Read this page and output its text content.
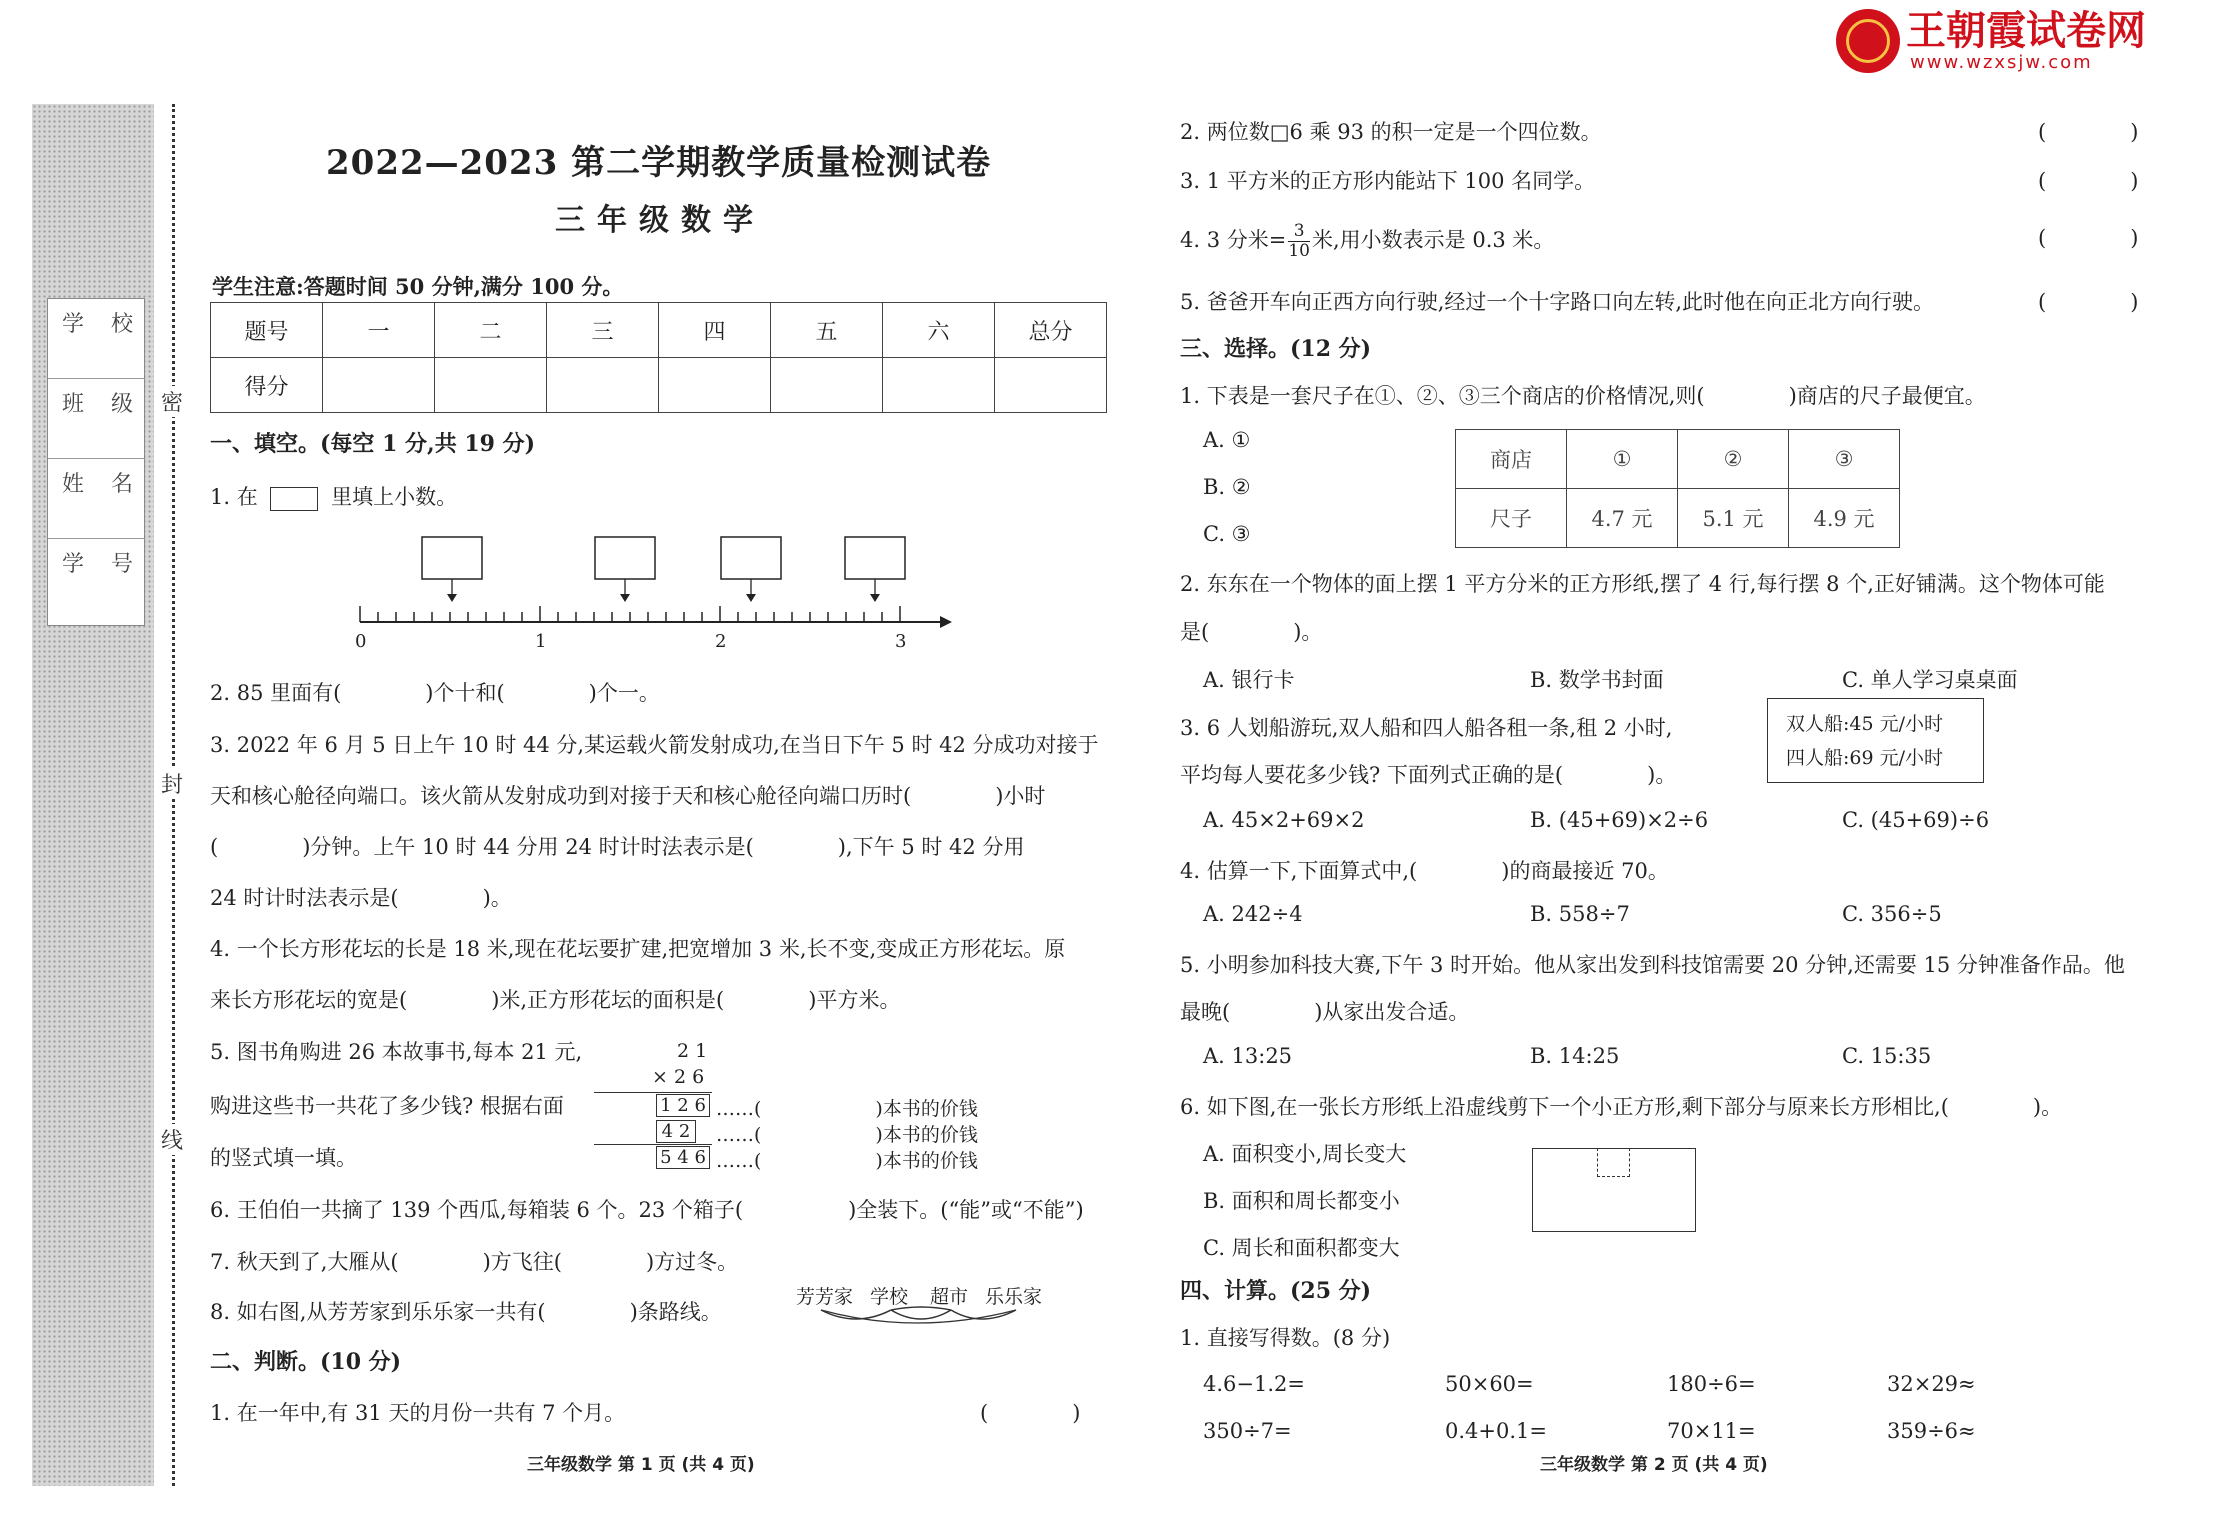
王朝霞试卷网
www.wzxsjw.com
学 校
班 级
姓 名
学 号
密
封
线
2022—2023 第二学期教学质量检测试卷
三年级数学
学生注意:答题时间 50 分钟,满分 100 分。
题号	一	二	三	四	五	六	总分
得分							
一、填空。(每空 1 分,共 19 分)
1. 在	里填上小数。
0	1	2	3
2. 85 里面有(　　　　)个十和(　　　　)个一。
3. 2022 年 6 月 5 日上午 10 时 44 分,某运载火箭发射成功,在当日下午 5 时 42 分成功对接于
天和核心舱径向端口。该火箭从发射成功到对接于天和核心舱径向端口历时(　　　　)小时
(　　　　)分钟。上午 10 时 44 分用 24 时计时法表示是(　　　　),下午 5 时 42 分用
24 时计时法表示是(　　　　)。
4. 一个长方形花坛的长是 18 米,现在花坛要扩建,把宽增加 3 米,长不变,变成正方形花坛。原
来长方形花坛的宽是(　　　　)米,正方形花坛的面积是(　　　　)平方米。
5. 图书角购进 26 本故事书,每本 21 元,
购进这些书一共花了多少钱? 根据右面
的竖式填一填。
2 1
× 2 6
1 2 6
4 2
5 4 6
……(　　　　　　)本书的价钱
……(　　　　　　)本书的价钱
……(　　　　　　)本书的价钱
6. 王伯伯一共摘了 139 个西瓜,每箱装 6 个。23 个箱子(　　　　　)全装下。(“能”或“不能”)
7. 秋天到了,大雁从(　　　　)方飞往(　　　　)方过冬。
8. 如右图,从芳芳家到乐乐家一共有(　　　　)条路线。
芳芳家 学校 超市 乐乐家
二、判断。(10 分)
1. 在一年中,有 31 天的月份一共有 7 个月。	(　　　　)
三年级数学 第 1 页 (共 4 页)
2. 两位数□6 乘 93 的积一定是一个四位数。	(　　　　)
3. 1 平方米的正方形内能站下 100 名同学。	(　　　　)
4. 3 分米= $\frac{3}{10}$ 米,用小数表示是 0.3 米。	(　　　　)
5. 爸爸开车向正西方向行驶,经过一个十字路口向左转,此时他在向正北方向行驶。	(　　　　)
三、选择。(12 分)
1. 下表是一套尺子在①、②、③三个商店的价格情况,则(　　　　)商店的尺子最便宜。
A. ①
B. ②
C. ③
商店	①	②	③
尺子	4.7 元	5.1 元	4.9 元
2. 东东在一个物体的面上摆 1 平方分米的正方形纸,摆了 4 行,每行摆 8 个,正好铺满。这个物体可能
是(　　　　)。
A. 银行卡	B. 数学书封面	C. 单人学习桌桌面
3. 6 人划船游玩,双人船和四人船各租一条,租 2 小时,
平均每人要花多少钱? 下面列式正确的是(　　　　)。
双人船:45 元/小时
四人船:69 元/小时
A. 45×2+69×2	B. (45+69)×2÷6	C. (45+69)÷6
4. 估算一下,下面算式中,(　　　　)的商最接近 70。
A. 242÷4	B. 558÷7	C. 356÷5
5. 小明参加科技大赛,下午 3 时开始。他从家出发到科技馆需要 20 分钟,还需要 15 分钟准备作品。他
最晚(　　　　)从家出发合适。
A. 13:25	B. 14:25	C. 15:35
6. 如下图,在一张长方形纸上沿虚线剪下一个小正方形,剩下部分与原来长方形相比,(　　　　)。
A. 面积变小,周长变大
B. 面积和周长都变小
C. 周长和面积都变大
四、计算。(25 分)
1. 直接写得数。(8 分)
4.6−1.2=	50×60=	180÷6=	32×29≈
350÷7=	0.4+0.1=	70×11=	359÷6≈
三年级数学 第 2 页 (共 4 页)
